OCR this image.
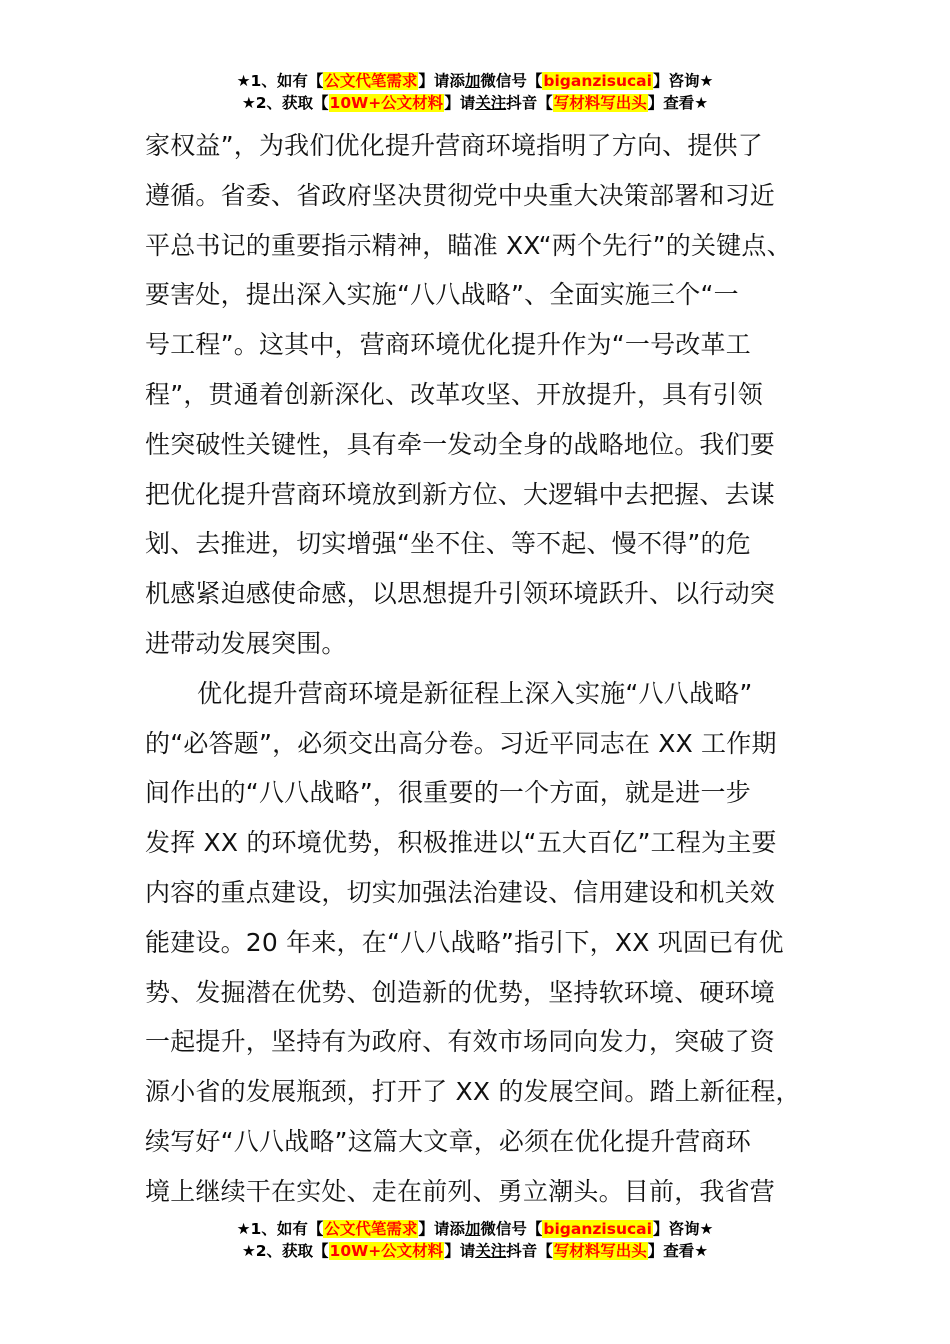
★1、如有【公文代笔需求】请添加微信号【biganzisucai】咨询★
★2、获取【10W+公文材料】请关注抖音【写材料写出头】查看★
家权益”，为我们优化提升营商环境指明了方向、提供了
遵循。省委、省政府坚决贯彻党中央重大决策部署和习近
平总书记的重要指示精神，瞄准 XX“两个先行”的关键点、
要害处，提出深入实施“八八战略”、全面实施三个“一
号工程”。这其中，营商环境优化提升作为“一号改革工
程”，贯通着创新深化、改革攻坚、开放提升，具有引领
性突破性关键性，具有牵一发动全身的战略地位。我们要
把优化提升营商环境放到新方位、大逻辑中去把握、去谋
划、去推进，切实增强“坐不住、等不起、慢不得”的危
机感紧迫感使命感，以思想提升引领环境跃升、以行动突
进带动发展突围。
优化提升营商环境是新征程上深入实施“八八战略”
的“必答题”，必须交出高分卷。习近平同志在 XX 工作期
间作出的“八八战略”，很重要的一个方面，就是进一步
发挥 XX 的环境优势，积极推进以“五大百亿”工程为主要
内容的重点建设，切实加强法治建设、信用建设和机关效
能建设。20 年来，在“八八战略”指引下，XX 巩固已有优
势、发掘潜在优势、创造新的优势，坚持软环境、硬环境
一起提升，坚持有为政府、有效市场同向发力，突破了资
源小省的发展瓶颈，打开了 XX 的发展空间。踏上新征程，
续写好“八八战略”这篇大文章，必须在优化提升营商环
境上继续干在实处、走在前列、勇立潮头。目前，我省营
★1、如有【公文代笔需求】请添加微信号【biganzisucai】咨询★
★2、获取【10W+公文材料】请关注抖音【写材料写出头】查看★
